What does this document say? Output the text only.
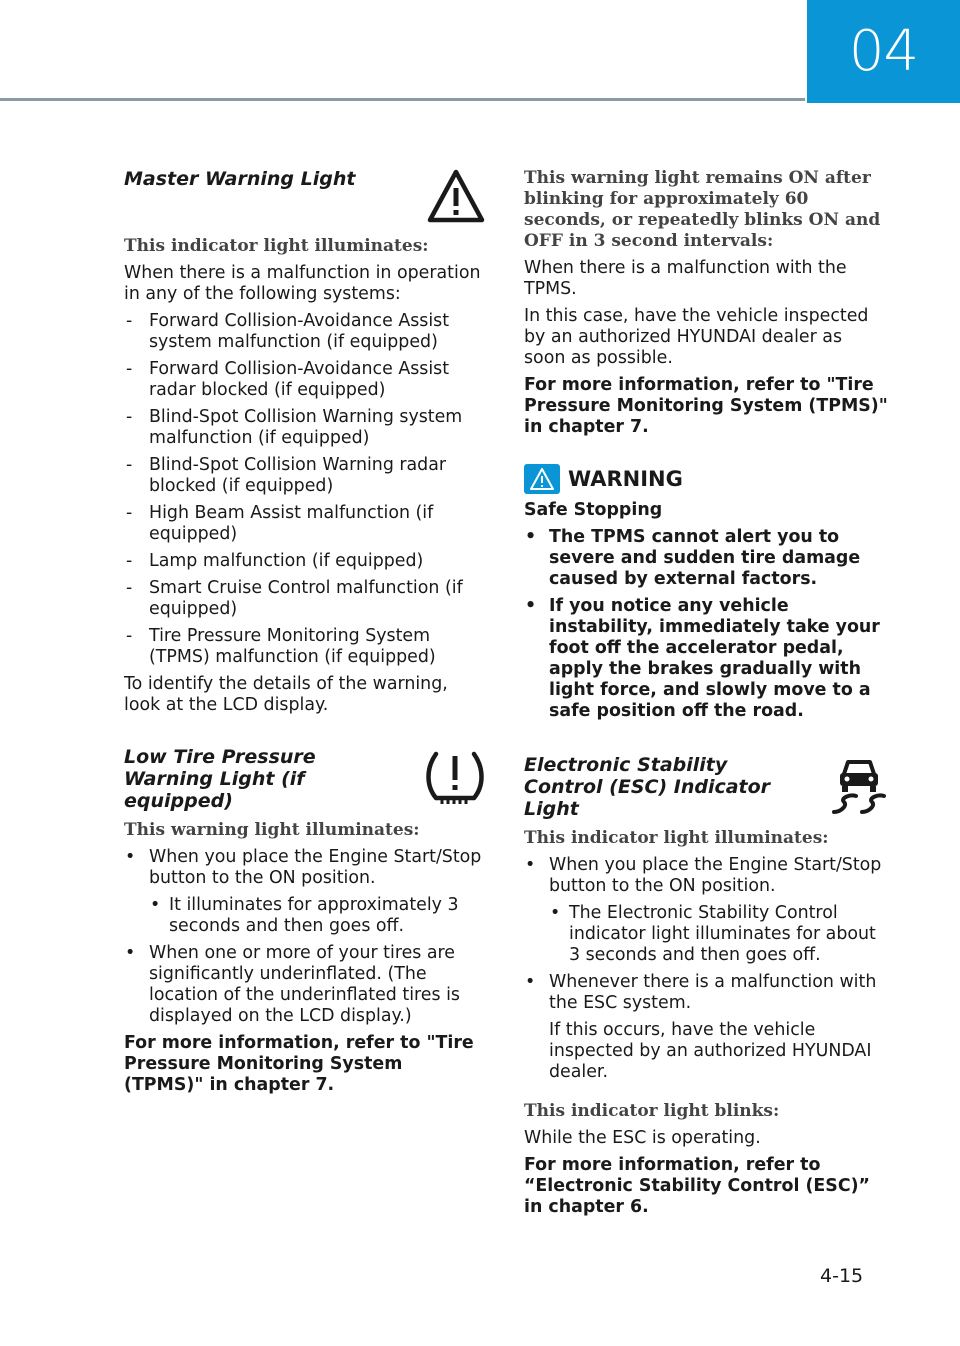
04
Master Warning Light
This indicator light illuminates:

When there is a malfunction in operation in any of the following systems:

- Forward Collision-Avoidance Assist system malfunction (if equipped)
- Forward Collision-Avoidance Assist radar blocked (if equipped)
- Blind-Spot Collision Warning system malfunction (if equipped)
- Blind-Spot Collision Warning radar blocked (if equipped)
- High Beam Assist malfunction (if equipped)
- Lamp malfunction (if equipped)
- Smart Cruise Control malfunction (if equipped)
- Tire Pressure Monitoring System (TPMS) malfunction (if equipped)

To identify the details of the warning, look at the LCD display.

Low Tire Pressure Warning Light (if equipped)
This warning light illuminates:
• When you place the Engine Start/Stop button to the ON position.
• It illuminates for approximately 3 seconds and then goes off.
• When one or more of your tires are significantly underinflated. (The location of the underinflated tires is displayed on the LCD display.)

For more information, refer to "Tire Pressure Monitoring System (TPMS)" in chapter 7.

This warning light remains ON after blinking for approximately 60 seconds, or repeatedly blinks ON and OFF in 3 second intervals:

When there is a malfunction with the TPMS.

In this case, have the vehicle inspected by an authorized HYUNDAI dealer as soon as possible.

For more information, refer to "Tire Pressure Monitoring System (TPMS)" in chapter 7.

WARNING

Safe Stopping

• The TPMS cannot alert you to severe and sudden tire damage caused by external factors.
• If you notice any vehicle instability, immediately take your foot off the accelerator pedal, apply the brakes gradually with light force, and slowly move to a safe position off the road.
Electronic Stability Control (ESC) Indicator Light
This indicator light illuminates:
• When you place the Engine Start/Stop button to the ON position.
• The Electronic Stability Control indicator light illuminates for about 3 seconds and then goes off.
• Whenever there is a malfunction with the ESC system.

If this occurs, have the vehicle inspected by an authorized HYUNDAI dealer.

This indicator light blinks:

While the ESC is operating.

For more information, refer to “Electronic Stability Control (ESC)” in chapter 6.

4-15
